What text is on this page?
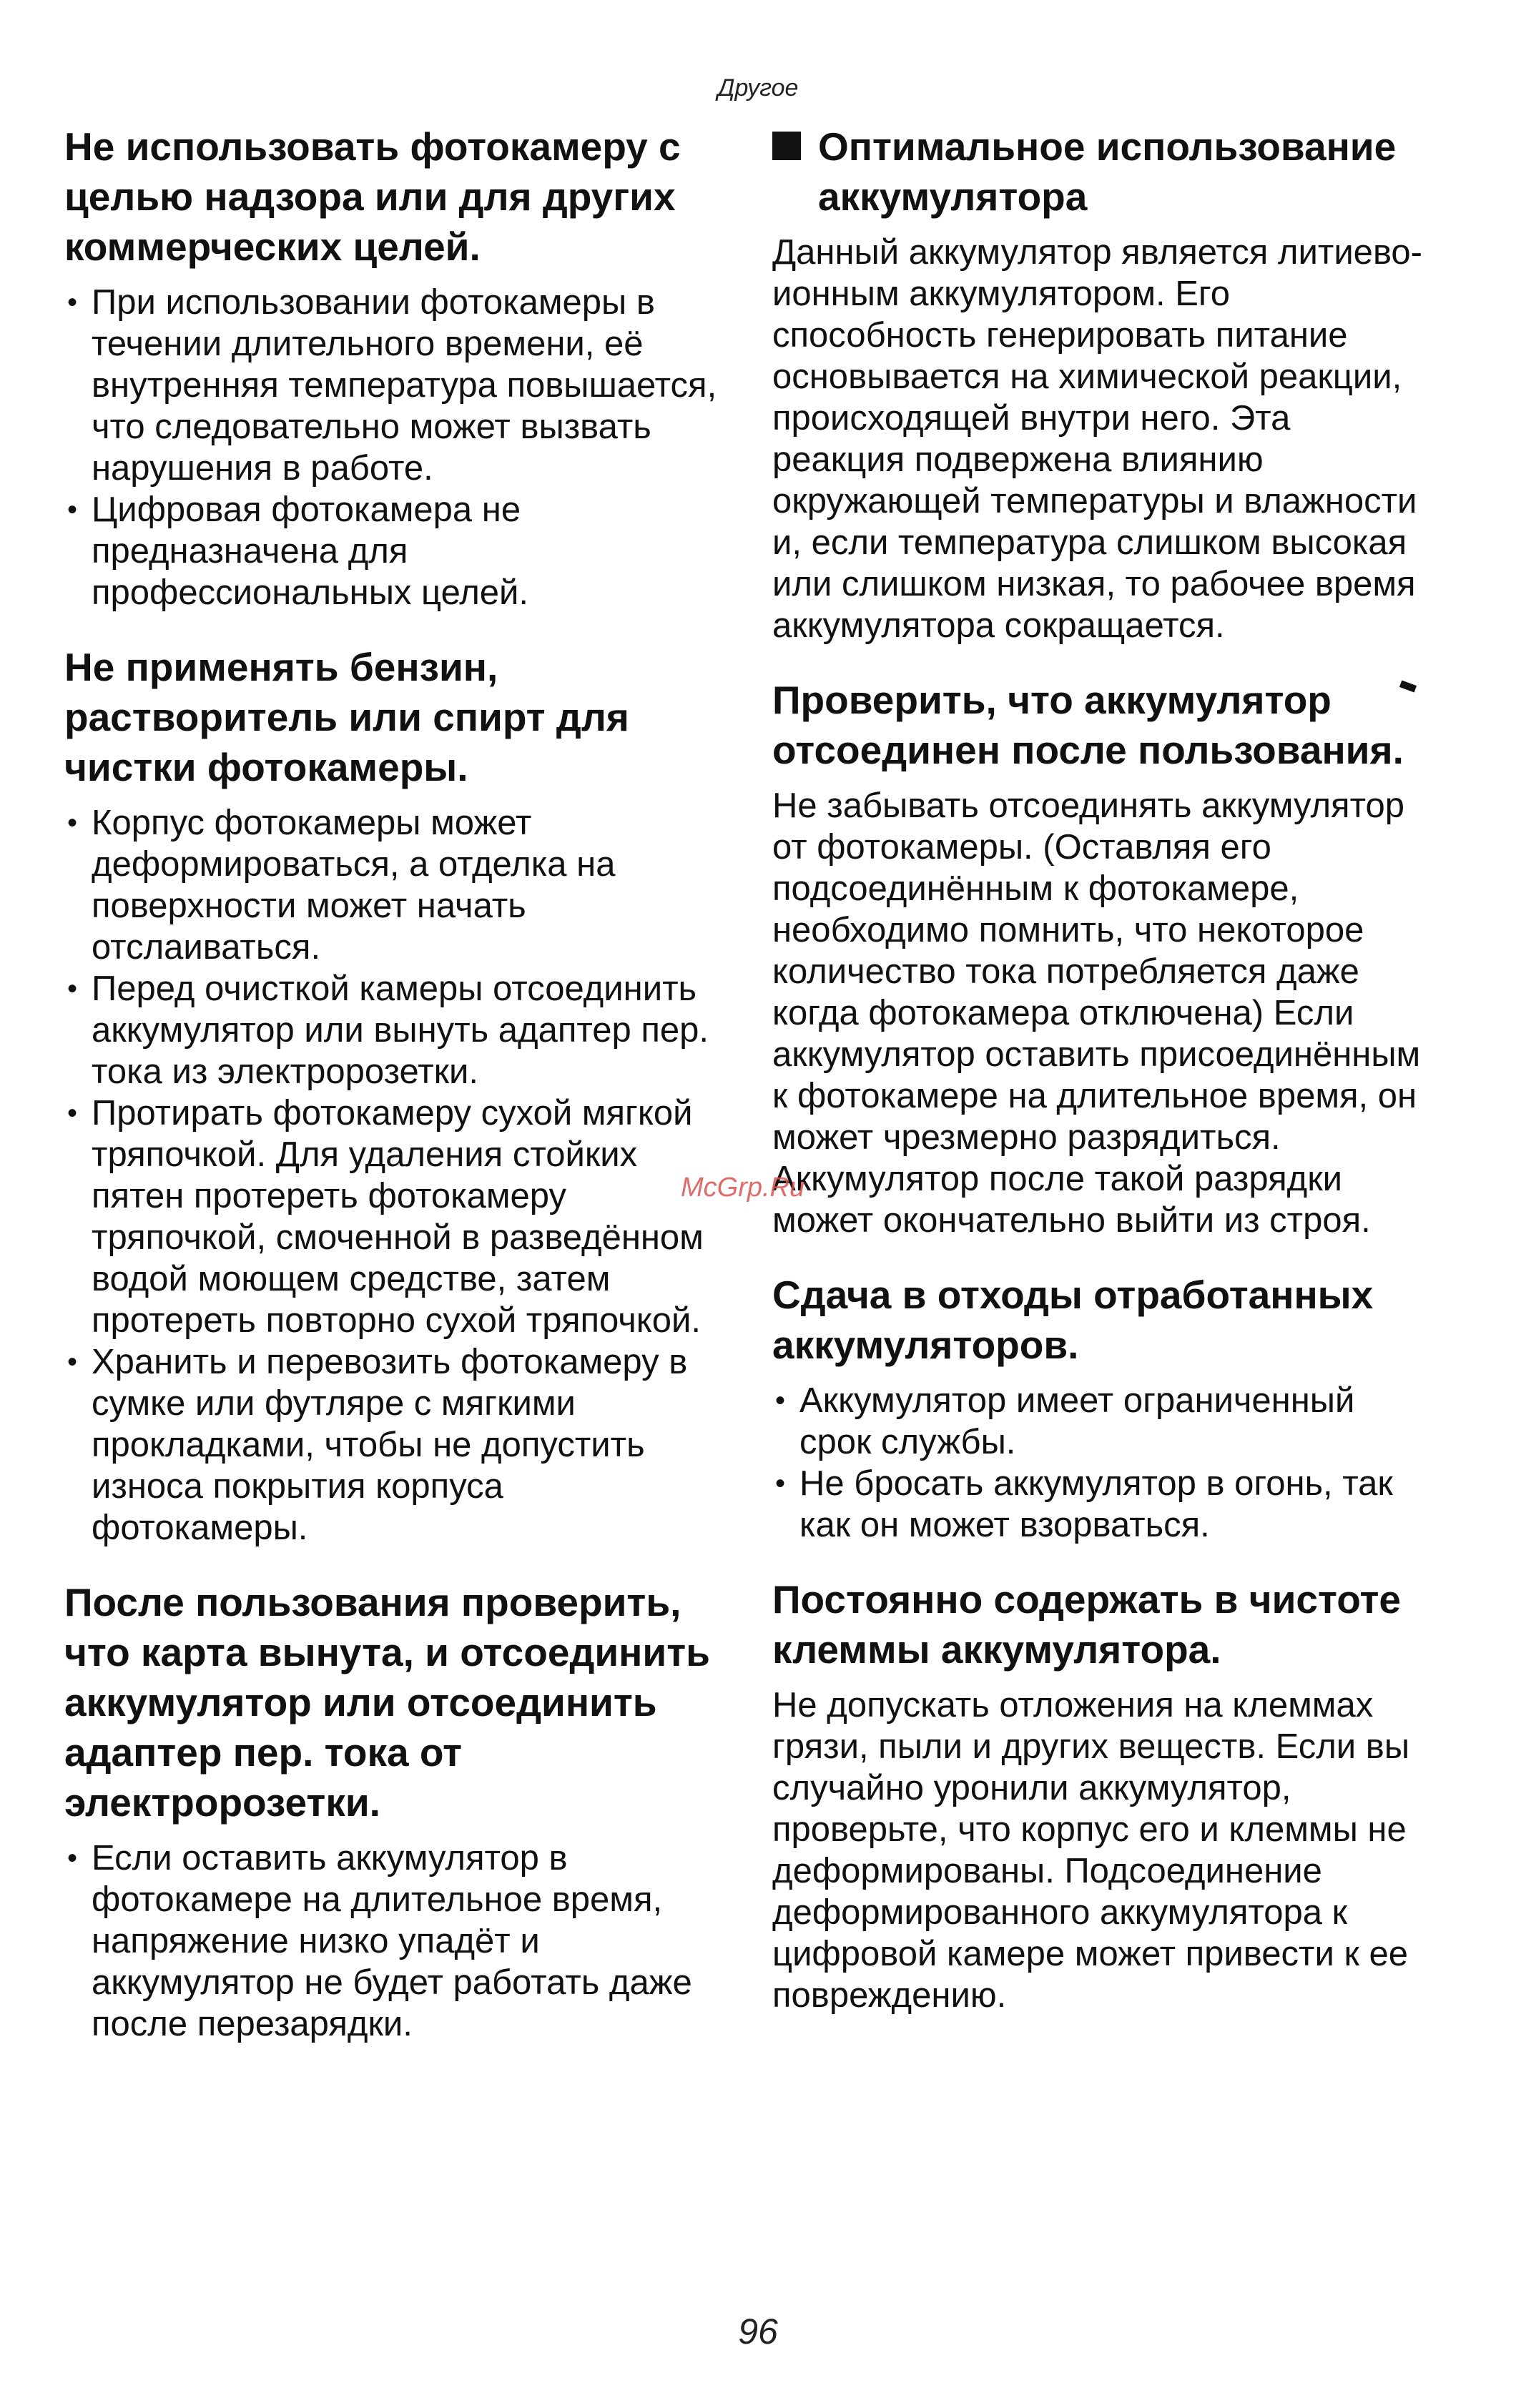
Другое
Не использовать фотокамеру с целью надзора или для других коммерческих целей.
• При использовании фотокамеры в течении длительного времени, её внутренняя температура повышается, что следовательно может вызвать нарушения в работе.
• Цифровая фотокамера не предназначена для профессиональных целей.
Не применять бензин, растворитель или спирт для чистки фотокамеры.
• Корпус фотокамеры может деформироваться, а отделка на поверхности может начать отслаиваться.
• Перед очисткой камеры отсоединить аккумулятор или вынуть адаптер пер. тока из электророзетки.
• Протирать фотокамеру сухой мягкой тряпочкой. Для удаления стойких пятен протереть фотокамеру тряпочкой, смоченной в разведённом водой моющем средстве, затем протереть повторно сухой тряпочкой.
• Хранить и перевозить фотокамеру в сумке или футляре с мягкими прокладками, чтобы не допустить износа покрытия корпуса фотокамеры.
После пользования проверить, что карта вынута, и отсоединить аккумулятор или отсоединить адаптер пер. тока от электророзетки.
• Если оставить аккумулятор в фотокамере на длительное время, напряжение низко упадёт и аккумулятор не будет работать даже после перезарядки.
Оптимальное использование аккумулятора

Данный аккумулятор является литиево-ионным аккумулятором. Его способность генерировать питание основывается на химической реакции, происходящей внутри него. Эта реакция подвержена влиянию окружающей температуры и влажности и, если температура слишком высокая или слишком низкая, то рабочее время аккумулятора сокращается.

Проверить, что аккумулятор отсоединен после пользования.

Не забывать отсоединять аккумулятор от фотокамеры. (Оставляя его подсоединённым к фотокамере, необходимо помнить, что некоторое количество тока потребляется даже когда фотокамера отключена) Если аккумулятор оставить присоединённым к фотокамере на длительное время, он может чрезмерно разрядиться. Аккумулятор после такой разрядки может окончательно выйти из строя.

Сдача в отходы отработанных аккумуляторов.
• Аккумулятор имеет ограниченный срок службы.
• Не бросать аккумулятор в огонь, так как он может взорваться.
Постоянно содержать в чистоте клеммы аккумулятора.

Не допускать отложения на клеммах грязи, пыли и других веществ. Если вы случайно уронили аккумулятор, проверьте, что корпус его и клеммы не деформированы. Подсоединение деформированного аккумулятора к цифровой камере может привести к ее повреждению.

McGrp.Ru
96
